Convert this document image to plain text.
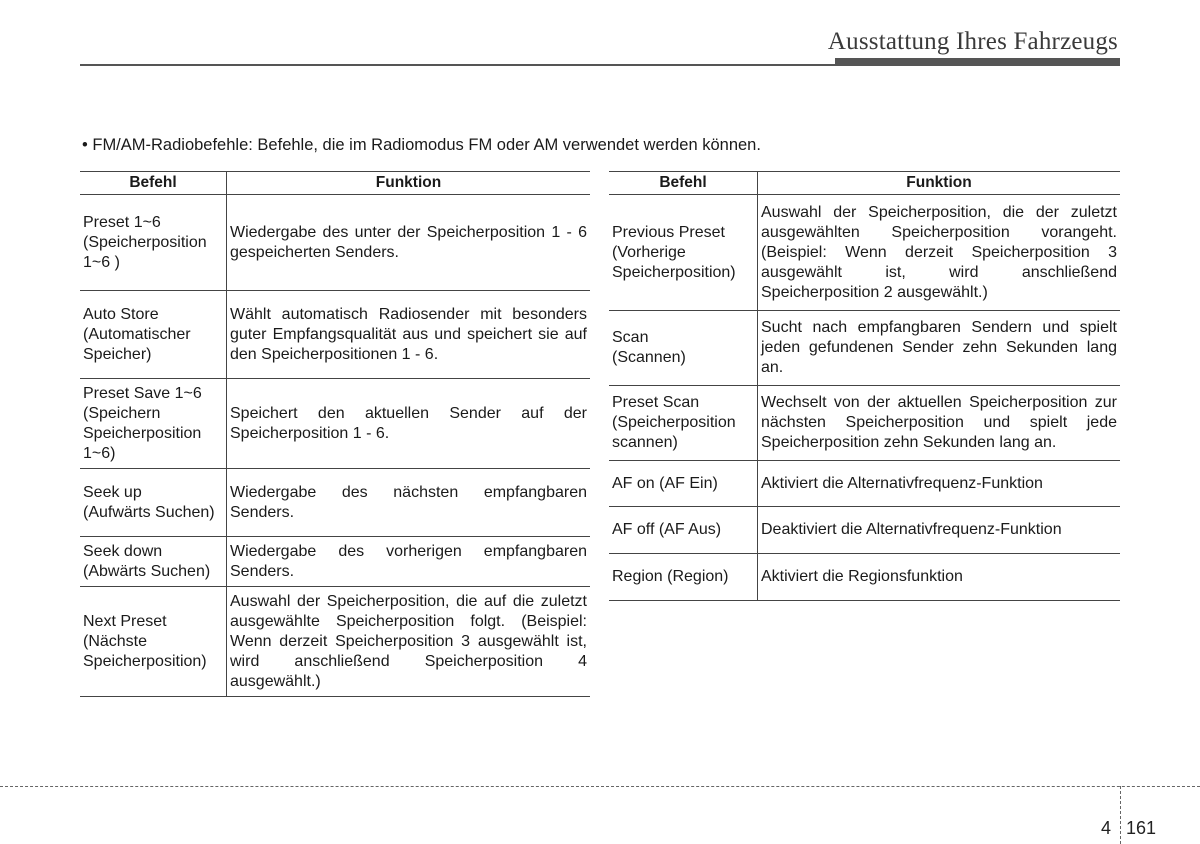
Ausstattung Ihres Fahrzeugs
• FM/AM-Radiobefehle: Befehle, die im Radiomodus FM oder AM verwendet werden können.
Befehl	Funktion

Preset 1~6
(Speicherposition 1~6 )	Wiedergabe des unter der Speicherposition 1 - 6 gespeicherten Senders.

Auto Store
(Automatischer Speicher)	Wählt automatisch Radiosender mit besonders guter Empfangsqualität aus und speichert sie auf den Speicherpositionen 1 - 6.

Preset Save 1~6
(Speichern Speicherposition 1~6)	Speichert den aktuellen Sender auf der Speicherposition 1 - 6.

Seek up
(Aufwärts Suchen)	Wiedergabe des nächsten empfangbaren Senders.

Seek down
(Abwärts Suchen)	Wiedergabe des vorherigen empfangbaren Senders.

Next Preset
(Nächste Speicherposition)	Auswahl der Speicherposition, die auf die zuletzt ausgewählte Speicherposition folgt. (Beispiel: Wenn derzeit Speicherposition 3 ausgewählt ist, wird anschließend Speicherposition 4 ausgewählt.)
Befehl	Funktion

Previous Preset
(Vorherige Speicherposition)	Auswahl der Speicherposition, die der zuletzt ausgewählten Speicherposition vorangeht. (Beispiel: Wenn derzeit Speicherposition 3 ausgewählt ist, wird anschließend Speicherposition 2 ausgewählt.)

Scan
(Scannen)	Sucht nach empfangbaren Sendern und spielt jeden gefundenen Sender zehn Sekunden lang an.

Preset Scan
(Speicherposition scannen)	Wechselt von der aktuellen Speicherposition zur nächsten Speicherposition und spielt jede Speicherposition zehn Sekunden lang an.

AF on (AF Ein)	Aktiviert die Alternativfrequenz-Funktion

AF off (AF Aus)	Deaktiviert die Alternativfrequenz-Funktion

Region (Region)	Aktiviert die Regionsfunktion
4 161
